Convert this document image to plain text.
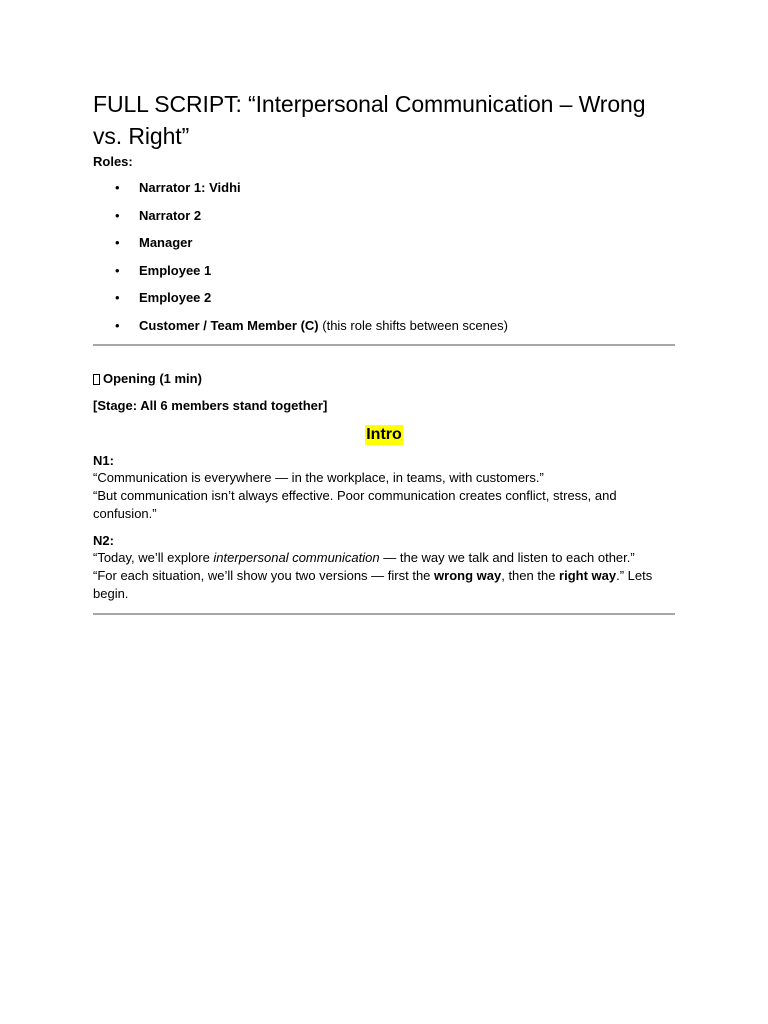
FULL SCRIPT: “Interpersonal Communication – Wrong vs. Right”
Roles:
• Narrator 1: Vidhi
• Narrator 2
• Manager
• Employee 1
• Employee 2
• Customer / Team Member (C) (this role shifts between scenes)
Opening (1 min)
[Stage: All 6 members stand together]
Intro
N1:
“Communication is everywhere — in the workplace, in teams, with customers.”
“But communication isn’t always effective. Poor communication creates conflict, stress, and confusion.”
N2:
“Today, we’ll explore interpersonal communication — the way we talk and listen to each other.”
“For each situation, we’ll show you two versions — first the wrong way, then the right way.” Lets begin.
